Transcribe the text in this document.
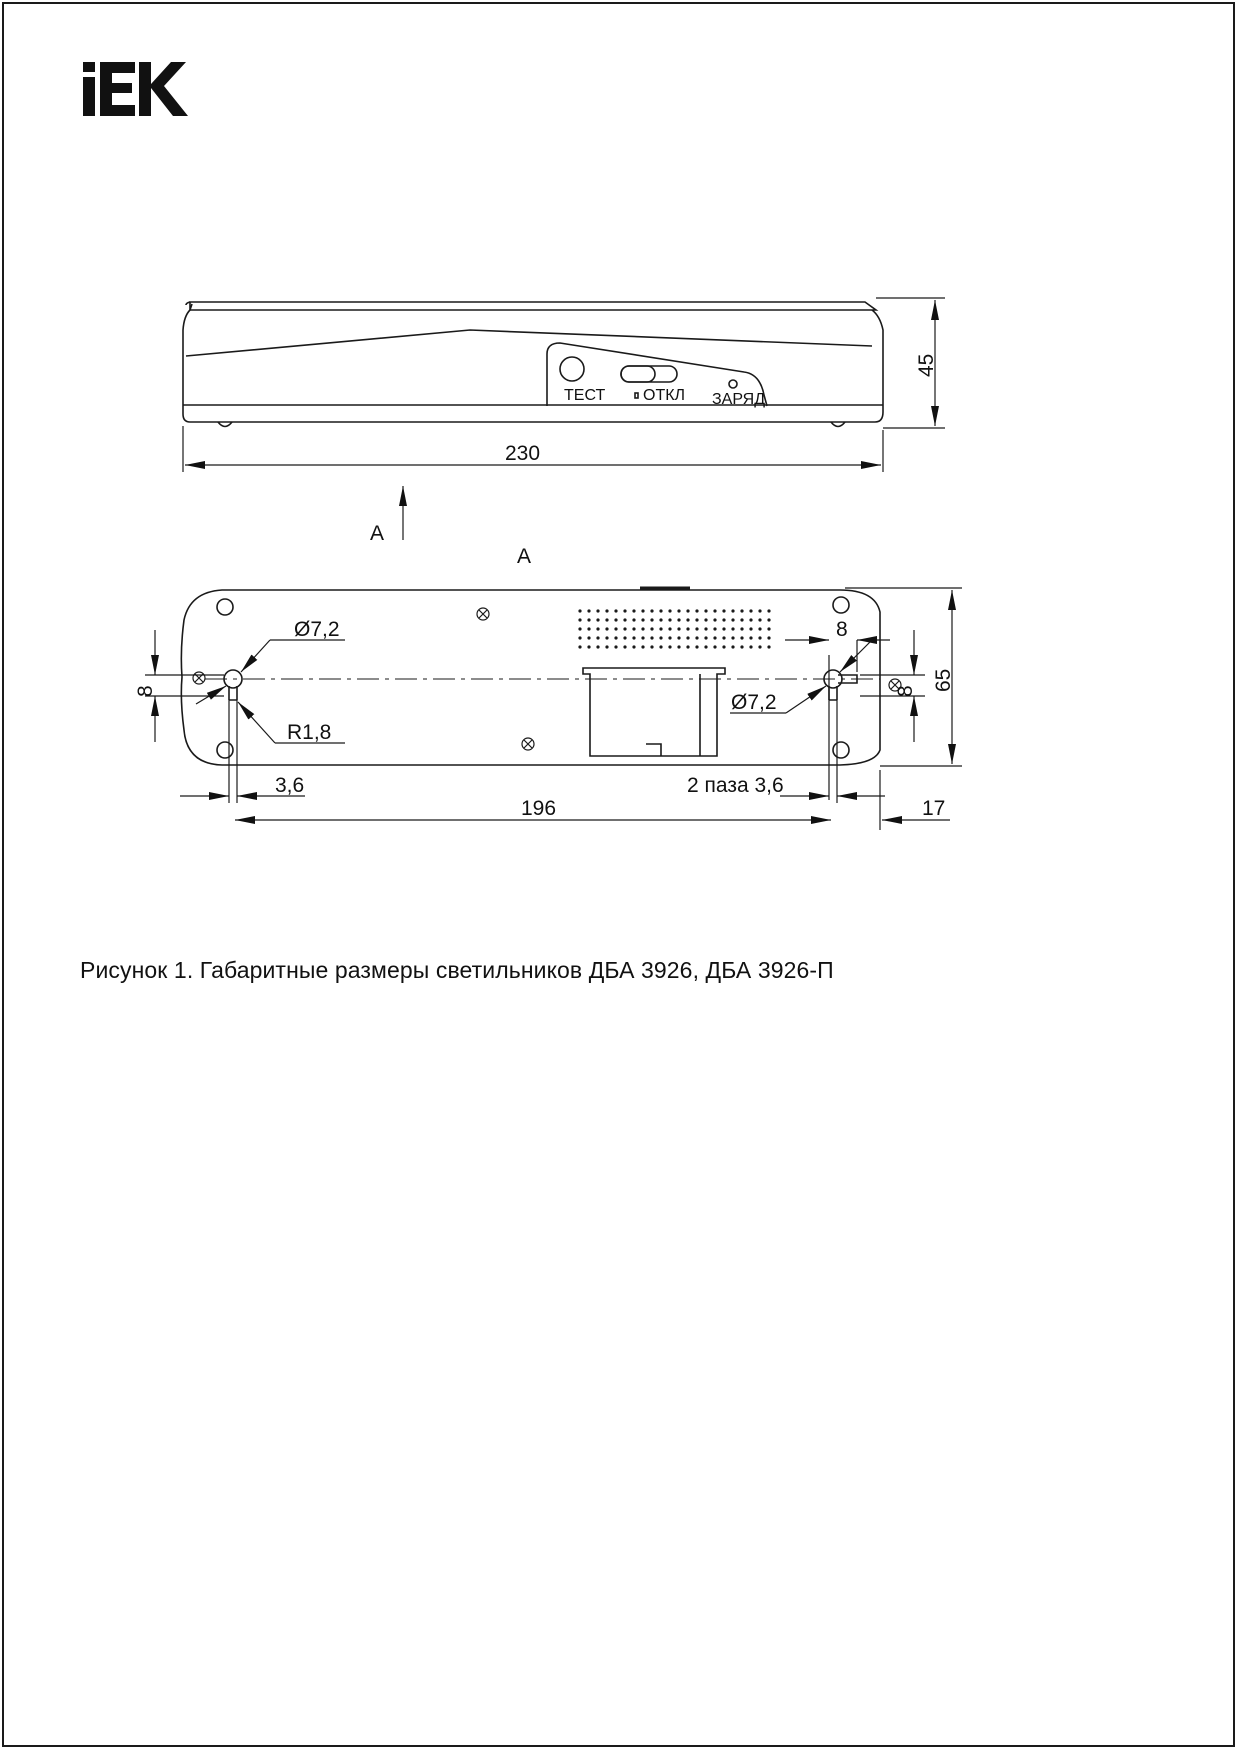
ТЕСТ ОТКЛ ЗАРЯД
45
230
A
A
65
8
8
8
Ø7,2
R1,8
Ø7,2
3,6	2 паза 3,6
196	17
Рисунок 1. Габаритные размеры светильников ДБА 3926, ДБА 3926-П
